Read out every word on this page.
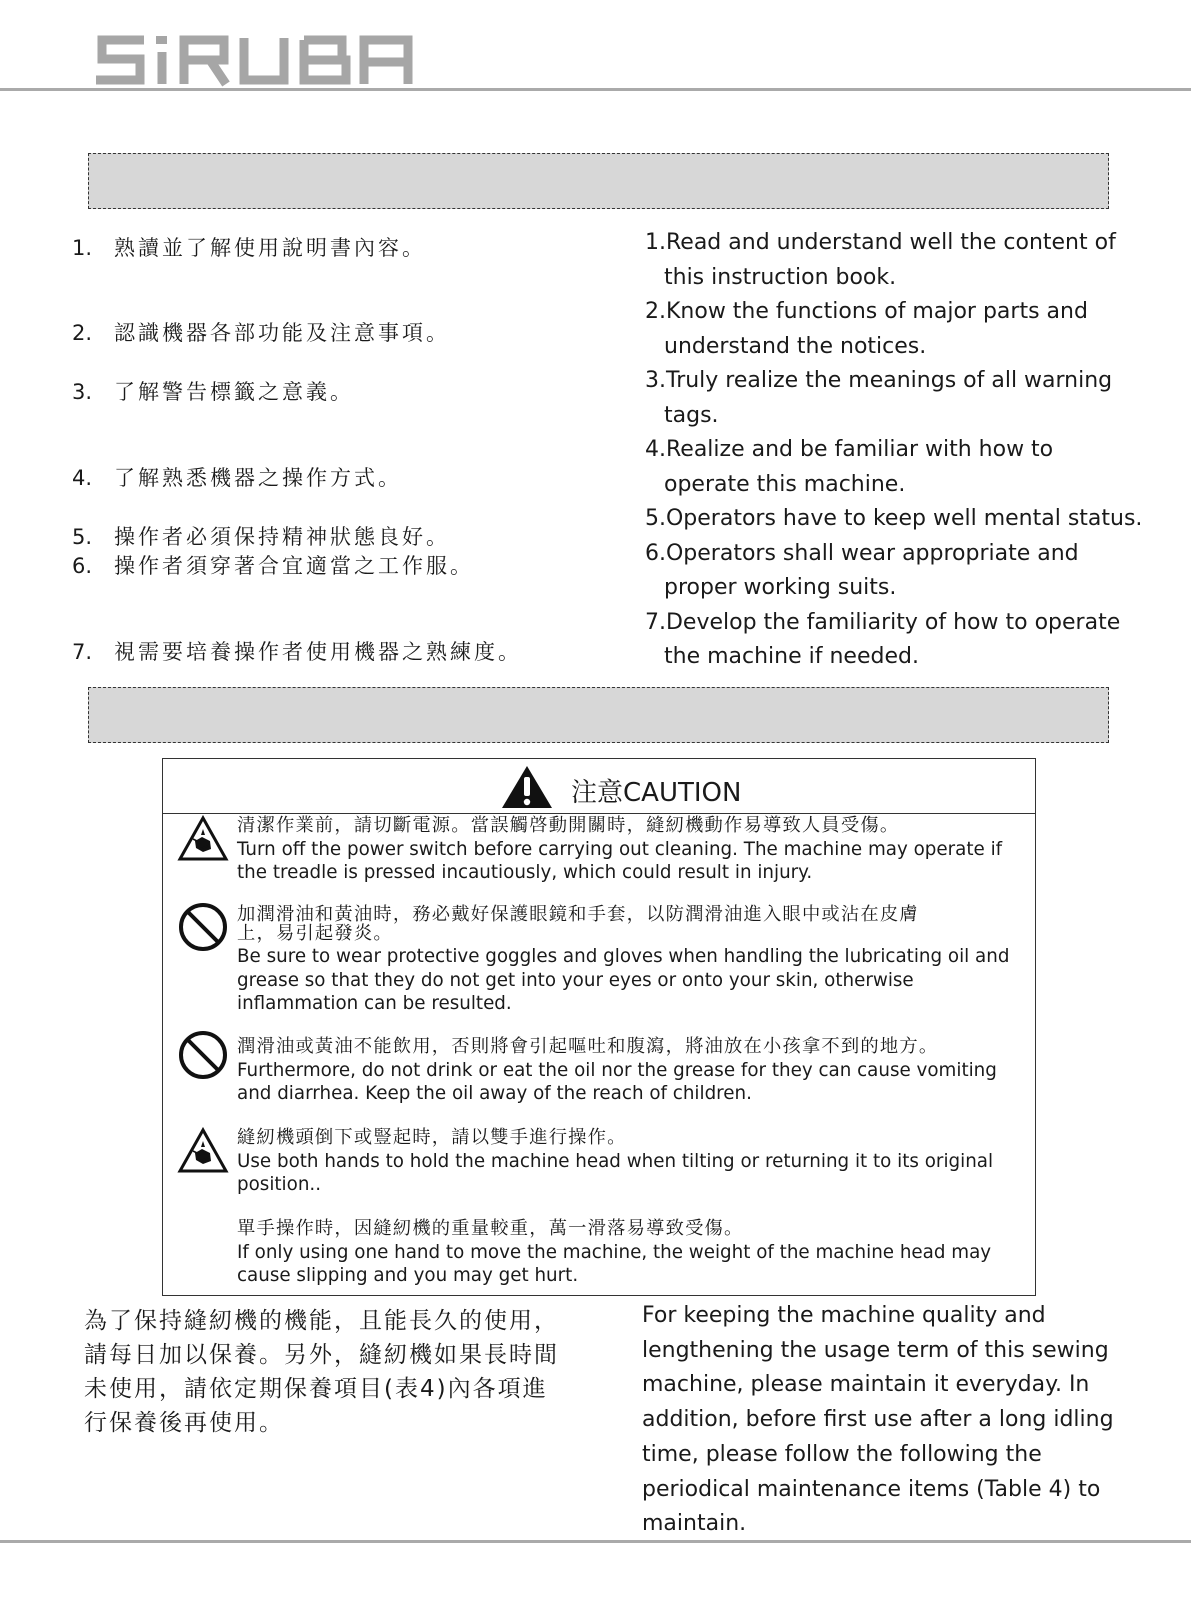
1. 熟讀並了解使用說明書內容。
2. 認識機器各部功能及注意事項。
3. 了解警告標籤之意義。
4. 了解熟悉機器之操作方式。
5. 操作者必須保持精神狀態良好。
6. 操作者須穿著合宜適當之工作服。
7. 視需要培養操作者使用機器之熟練度。
1.Read and understand well the content of this instruction book.
2.Know the functions of major parts and understand the notices.
3.Truly realize the meanings of all warning tags.
4.Realize and be familiar with how to operate this machine.
5.Operators have to keep well mental status.
6.Operators shall wear appropriate and proper working suits.
7.Develop the familiarity of how to operate the machine if needed.
注意CAUTION
清潔作業前，請切斷電源。當誤觸啓動開關時，縫紉機動作易導致人員受傷。
Turn off the power switch before carrying out cleaning. The machine may operate if
the treadle is pressed incautiously, which could result in injury.
加潤滑油和黃油時，務必戴好保護眼鏡和手套，以防潤滑油進入眼中或沾在皮膚
上，易引起發炎。
Be sure to wear protective goggles and gloves when handling the lubricating oil and
grease so that they do not get into your eyes or onto your skin, otherwise
inflammation can be resulted.
潤滑油或黃油不能飲用，否則將會引起嘔吐和腹瀉，將油放在小孩拿不到的地方。
Furthermore, do not drink or eat the oil nor the grease for they can cause vomiting
and diarrhea. Keep the oil away of the reach of children.
縫紉機頭倒下或豎起時，請以雙手進行操作。
Use both hands to hold the machine head when tilting or returning it to its original
position..
單手操作時，因縫紉機的重量較重，萬一滑落易導致受傷。
If only using one hand to move the machine, the weight of the machine head may
cause slipping and you may get hurt.
為了保持縫紉機的機能，且能長久的使用，
請每日加以保養。另外，縫紉機如果長時間
未使用，請依定期保養項目(表4)內各項進
行保養後再使用。
For keeping the machine quality and
lengthening the usage term of this sewing
machine, please maintain it everyday. In
addition, before first use after a long idling
time, please follow the following the
periodical maintenance items (Table 4) to
maintain.
